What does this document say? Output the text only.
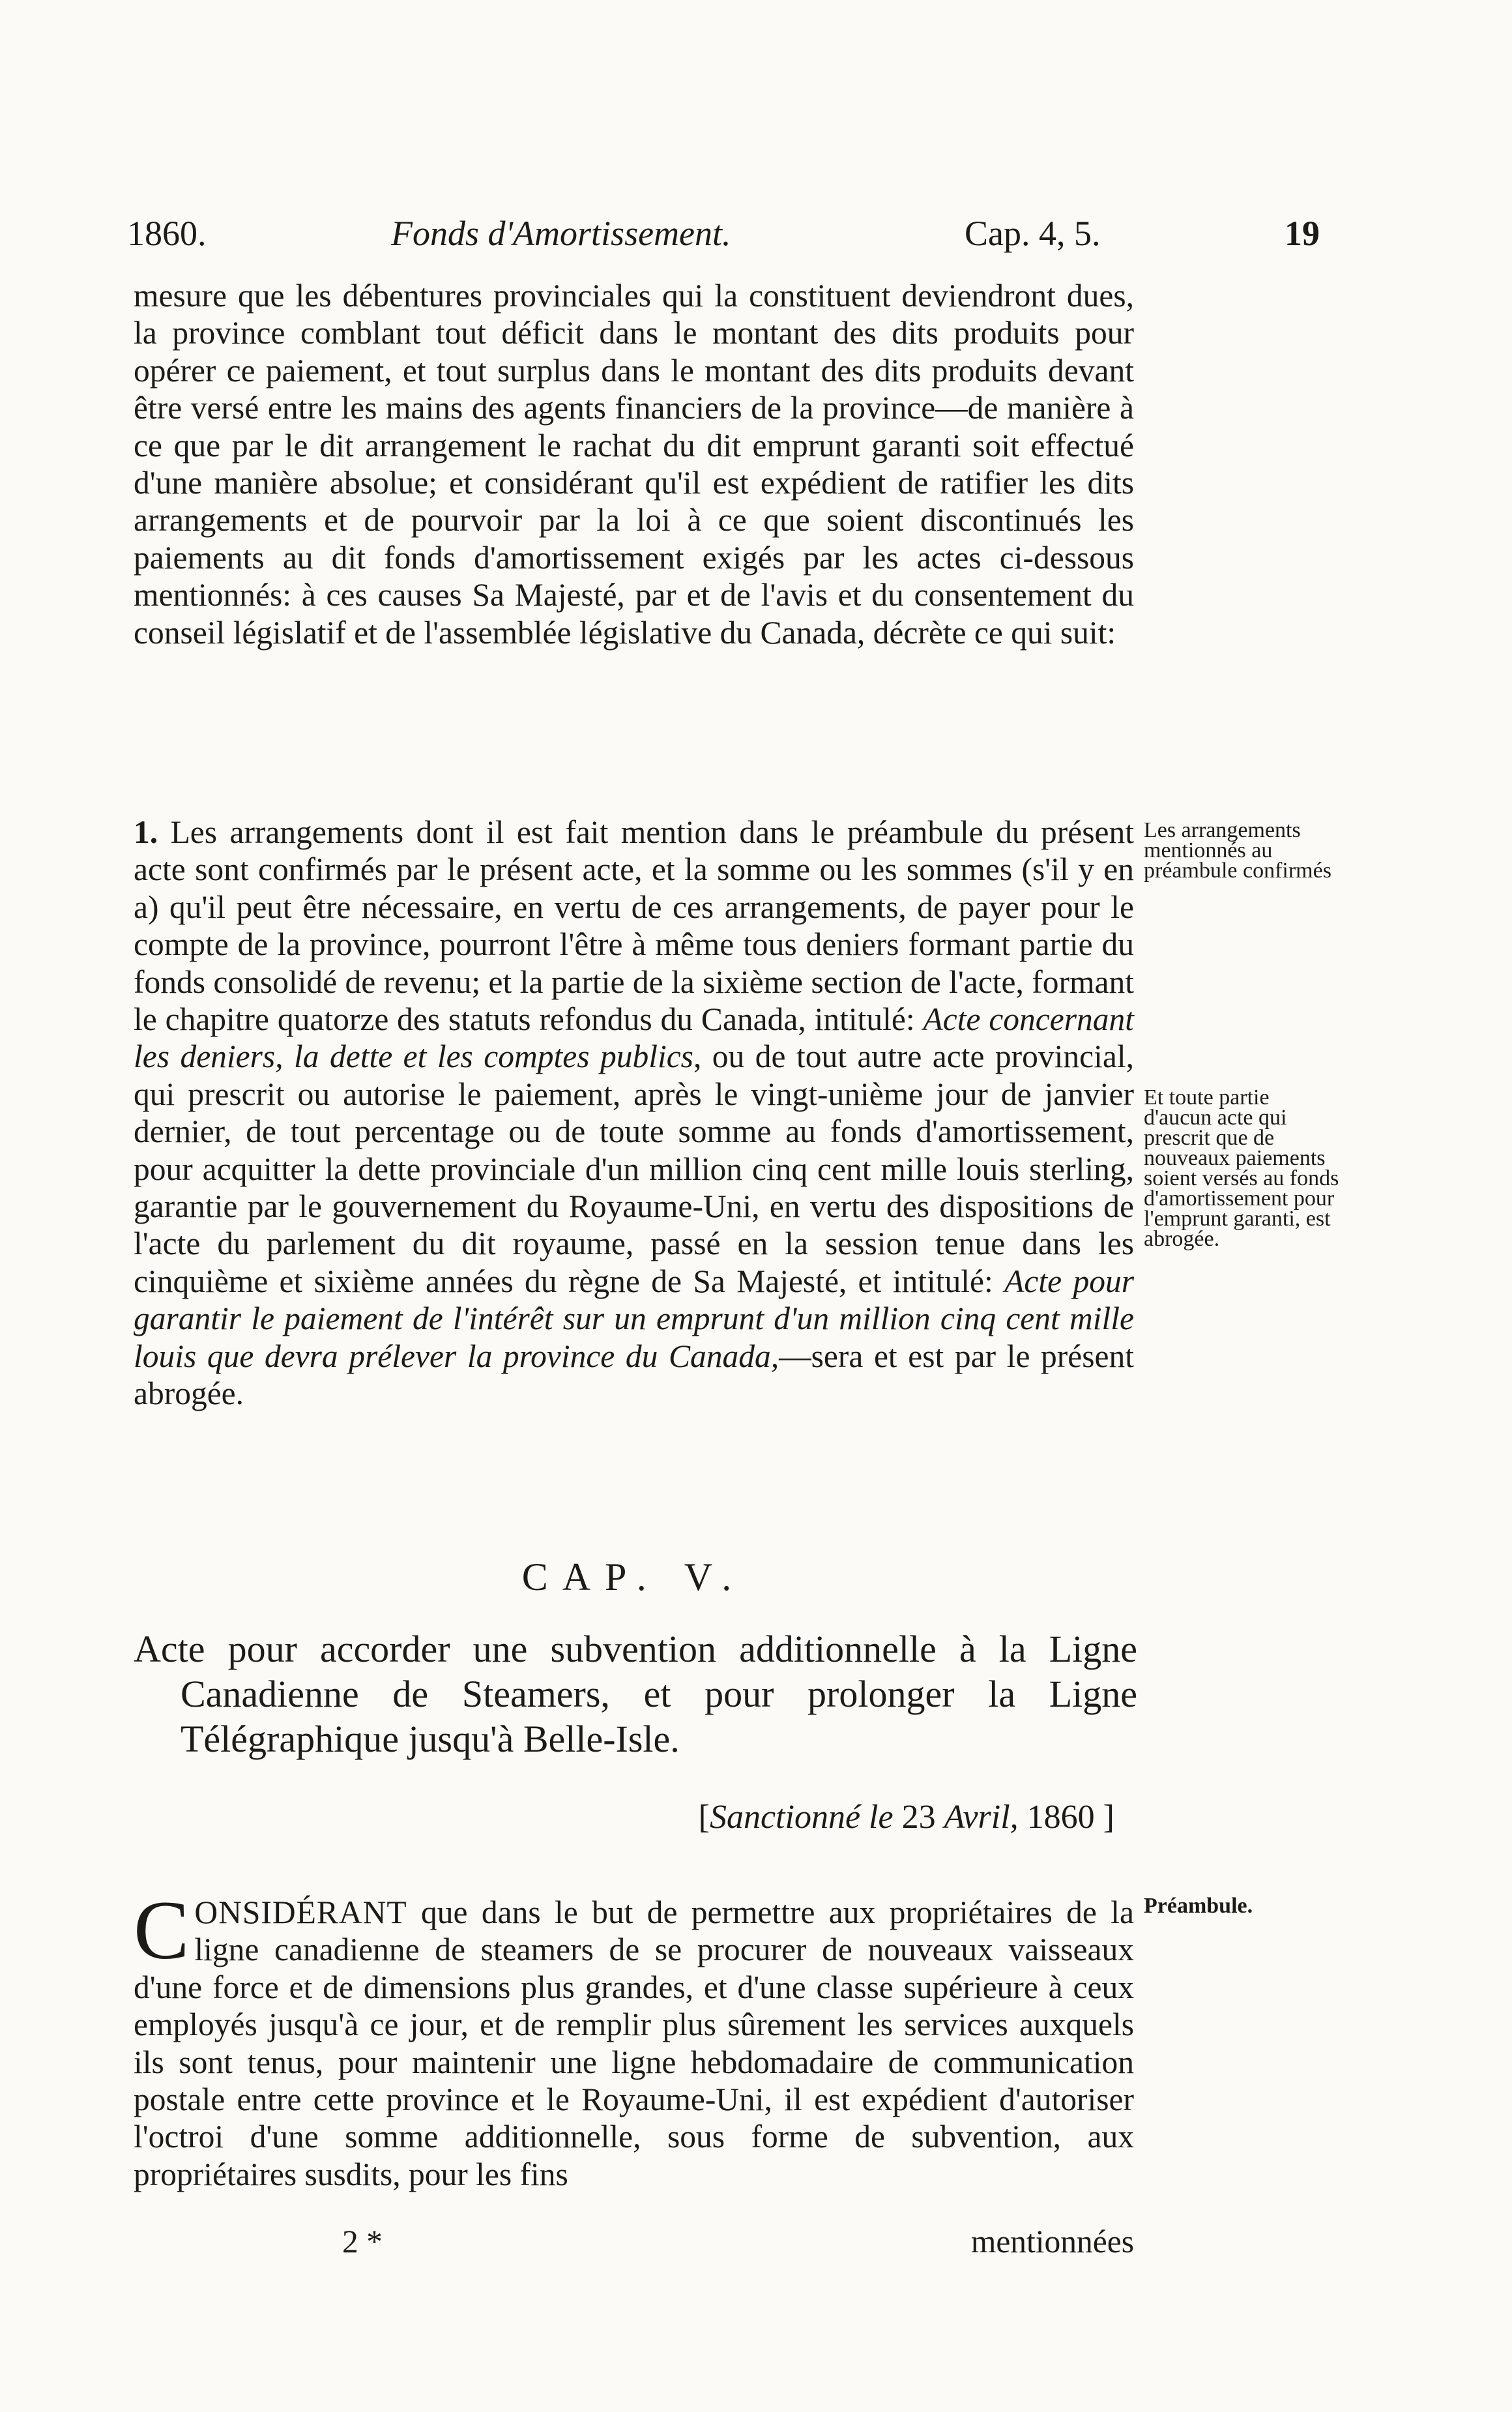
1860.	Fonds d'Amortissement.	Cap. 4, 5.	19

mesure que les débentures provinciales qui la constituent deviendront dues, la province comblant tout déficit dans le montant des dits produits pour opérer ce paiement, et tout surplus dans le montant des dits produits devant être versé entre les mains des agents financiers de la province—de manière à ce que par le dit arrangement le rachat du dit emprunt garanti soit effectué d'une manière absolue; et considérant qu'il est expédient de ratifier les dits arrangements et de pourvoir par la loi à ce que soient discontinués les paiements au dit fonds d'amortissement exigés par les actes ci-dessous mentionnés: à ces causes Sa Majesté, par et de l'avis et du consentement du conseil législatif et de l'assemblée législative du Canada, décrète ce qui suit:

1. Les arrangements dont il est fait mention dans le préambule du présent acte sont confirmés par le présent acte, et la somme ou les sommes (s'il y en a) qu'il peut être nécessaire, en vertu de ces arrangements, de payer pour le compte de la province, pourront l'être à même tous deniers formant partie du fonds consolidé de revenu; et la partie de la sixième section de l'acte, formant le chapitre quatorze des statuts refondus du Canada, intitulé: Acte concernant les deniers, la dette et les comptes publics, ou de tout autre acte provincial, qui prescrit ou autorise le paiement, après le vingt-unième jour de janvier dernier, de tout percentage ou de toute somme au fonds d'amortissement, pour acquitter la dette provinciale d'un million cinq cent mille louis sterling, garantie par le gouvernement du Royaume-Uni, en vertu des dispositions de l'acte du parlement du dit royaume, passé en la session tenue dans les cinquième et sixième années du règne de Sa Majesté, et intitulé: Acte pour garantir le paiement de l'intérêt sur un emprunt d'un million cinq cent mille louis que devra prélever la province du Canada,—sera et est par le présent abrogée.

Les arrangements mentionnés au préambule confirmés

Et toute partie d'aucun acte qui prescrit que de nouveaux paiements soient versés au fonds d'amortissement pour l'emprunt garanti, est abrogée.

CAP. V.

Acte pour accorder une subvention additionnelle à la Ligne Canadienne de Steamers, et pour prolonger la Ligne Télégraphique jusqu'à Belle-Isle.

[Sanctionné le 23 Avril, 1860 ]

CONSIDÉRANT que dans le but de permettre aux propriétaires de la ligne canadienne de steamers de se procurer de nouveaux vaisseaux d'une force et de dimensions plus grandes, et d'une classe supérieure à ceux employés jusqu'à ce jour, et de remplir plus sûrement les services auxquels ils sont tenus, pour maintenir une ligne hebdomadaire de communication postale entre cette province et le Royaume-Uni, il est expédient d'autoriser l'octroi d'une somme additionnelle, sous forme de subvention, aux propriétaires susdits, pour les fins

Préambule.

2 *	mentionnées
